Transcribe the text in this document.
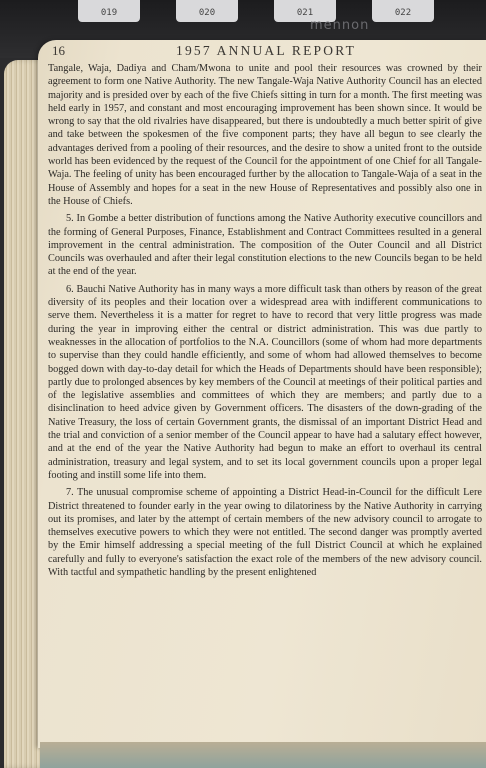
019	020	021	022
mennon
16	1957 ANNUAL REPORT

Tangale, Waja, Dadiya and Cham/Mwona to unite and pool their resources was crowned by their agreement to form one Native Authority. The new Tangale-Waja Native Authority Council has an elected majority and is presided over by each of the five Chiefs sitting in turn for a month. The first meeting was held early in 1957, and constant and most encouraging improvement has been shown since. It would be wrong to say that the old rivalries have disappeared, but there is undoubtedly a much better spirit of give and take between the spokesmen of the five component parts; they have all begun to see clearly the advantages derived from a pooling of their resources, and the desire to show a united front to the outside world has been evidenced by the request of the Council for the appointment of one Chief for all Tangale-Waja. The feeling of unity has been encouraged further by the allocation to Tangale-Waja of a seat in the House of Assembly and hopes for a seat in the new House of Representatives and possibly also one in the House of Chiefs.

5. In Gombe a better distribution of functions among the Native Authority executive councillors and the forming of General Purposes, Finance, Establishment and Contract Committees resulted in a general improvement in the central administration. The composition of the Outer Council and all District Councils was overhauled and after their legal constitution elections to the new Councils began to be held at the end of the year.

6. Bauchi Native Authority has in many ways a more difficult task than others by reason of the great diversity of its peoples and their location over a widespread area with indifferent communications to serve them. Nevertheless it is a matter for regret to have to record that very little progress was made during the year in improving either the central or district administration. This was due partly to weaknesses in the allocation of portfolios to the N.A. Councillors (some of whom had more departments to supervise than they could handle efficiently, and some of whom had allowed themselves to become bogged down with day-to-day detail for which the Heads of Departments should have been responsible); partly due to prolonged absences by key members of the Council at meetings of their political parties and of the legislative assemblies and committees of which they are members; and partly due to a disinclination to heed advice given by Government officers. The disasters of the down-grading of the Native Treasury, the loss of certain Government grants, the dismissal of an important District Head and the trial and conviction of a senior member of the Council appear to have had a salutary effect however, and at the end of the year the Native Authority had begun to make an effort to overhaul its central administration, treasury and legal system, and to set its local government councils upon a proper legal footing and instill some life into them.

7. The unusual compromise scheme of appointing a District Head-in-Council for the difficult Lere District threatened to founder early in the year owing to dilatoriness by the Native Authority in carrying out its promises, and later by the attempt of certain members of the new advisory council to arrogate to themselves executive powers to which they were not entitled. The second danger was promptly averted by the Emir himself addressing a special meeting of the full District Council at which he explained carefully and fully to everyone's satisfaction the exact role of the members of the new advisory council. With tactful and sympathetic handling by the present enlightened
